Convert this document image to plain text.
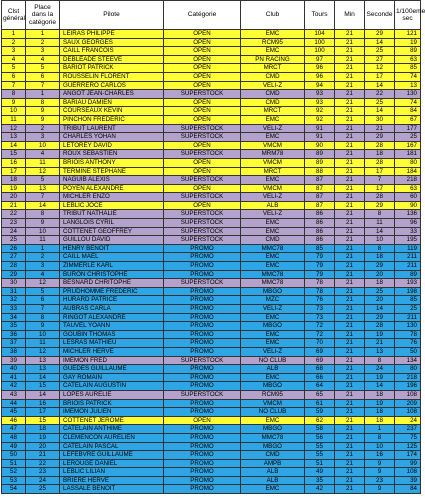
Clst général	Place dans la catégorie	Pilote	Catégorie	Club	Tours	Min	Seconde	1/100eme sec
1	1	LEIRAS PHILIPPE	OPEN	EMC	104	21	29	121
2	2	SAUX GEORGES	OPEN	RCM95	100	21	14	19
3	3	CAILL FRANCOIS	OPEN	EMC	100	21	25	89
4	4	DEBLEADE STEEVE	OPEN	PN RACING	97	21	27	63
5	5	BARIOT PATRICK	OPEN	MRCT	96	21	12	85
6	6	ROUSSELIN FLORENT	OPEN	CMD	96	21	17	74
7	7	GUERRERO CARLOS	OPEN	VELI-Z	94	21	14	13
8	1	ANGOT JEAN-CHARLES	SUPERSTOCK	CMD	93	21	22	130
9	8	BARIAU DAMIEN	OPEN	CMD	93	21	25	74
10	9	COURSEAUX KEVIN	OPEN	MRCT	92	21	14	84
11	9	PINCHON FREDERIC	OPEN	EMC	92	21	30	67
12	2	TRIBUT LAURENT	SUPERSTOCK	VELI-Z	91	21	21	177
13	3	CHARLES YOHAN	SUPERSTOCK	EMC	91	21	29	25
14	10	LETOREY DAVID	OPEN	VMCM	90	21	28	167
15	4	ROUX SEBASTIEN	SUPERSTOCK	MRM78	89	21	18	181
16	11	BRIOIS ANTHONY	OPEN	VMCM	89	21	28	80
17	12	TERMINE STEPHANE	OPEN	MRCT	88	21	17	184
18	5	NAGUIB ALEXIS	SUPERSTOCK	EMC	87	21	7	218
19	13	POYEN ALEXANDRE	OPEN	VMCM	87	21	17	63
20	7	MICHLER ENZO	SUPERSTOCK	VELI-Z	87	21	28	60
21	14	LEBLIC JOCE	OPEN	ALB	87	21	29	90
22	8	TRIBUT NATHALIE	SUPERSTOCK	VELI-Z	86	21	8	136
23	9	LANGLOIS CYRIL	SUPERSTOCK	EMC	86	21	11	96
24	10	COTTENET GEOFFREY	SUPERSTOCK	EMC	86	21	14	33
25	11	GUILLOU DAVID	SUPERSTOCK	CMD	86	21	10	195
26	1	HENRY BENOIT	PROMO	MMC78	85	21	8	119
27	2	CAILL MAEL	PROMO	EMC	79	21	18	211
28	3	ZIMMERLE KARL	PROMO	EMC	79	21	29	211
29	4	BURON CHRISTOPHE	PROMO	MMC78	79	21	20	89
30	12	BESNARD CHRITOPHE	SUPERSTOCK	MMC78	78	21	18	193
31	5	PRUDHOMME FREDERIC	PROMO	MBGO	78	21	25	198
32	6	HURARD PATRICE	PROMO	MZC	76	21	20	85
33	7	AUBRAS CARLA	PROMO	VELI-Z	73	21	14	25
34	8	RINGOT ALEXANDRE	PROMO	EMC	73	21	29	211
35	9	TAUVEL YOANN	PROMO	MBGO	72	21	28	130
36	10	GOUBIN THOMAS	PROMO	EMC	72	21	19	78
37	11	LESRAS MATHIEU	PROMO	EMC	70	21	21	76
38	12	MICHLER HERVE	PROMO	VELI-Z	69	21	13	50
39	13	IMEMON FRED	SUPERSTOCK	NO CLUB	69	21	8	134
40	13	GUEDES GUILLAUME	PROMO	ALB	68	21	24	80
41	14	GAY ROMAIN	PROMO	EMC	66	21	19	218
42	15	CATELAIN AUGUSTIN	PROMO	MBGO	64	21	14	196
43	14	LOPES AURELIE	SUPERSTOCK	RCM95	65	21	18	108
44	16	BRIOIS PATRICK	PROMO	VMCM	61	21	19	209
45	17	IMEMON JULIEN	PROMO	NO CLUB	59	21	18	108
46	15	COTTENET JEROME	OPEN	EMC	62	21	18	24
47	18	CATELAIN ANTHIME	PROMO	MBGO	58	21	1	237
48	19	CLEMENCON AURELIEN	PROMO	MMC78	56	21	8	75
49	20	CATELAIN PASCAL	PROMO	MBGO	55	21	10	125
50	21	LEFEBVRE GUILLAUME	PROMO	CMD	55	21	16	174
51	22	LEROUGE DANIEL	PROMO	AMPB	51	21	9	99
52	23	LEBLIC LILIAN	PROMO	ALB	49	21	9	108
53	24	BRIERE HERVE	PROMO	ALB	35	21	23	39
54	25	LASSALE BENOIT	PROMO	EMC	42	21	9	84
